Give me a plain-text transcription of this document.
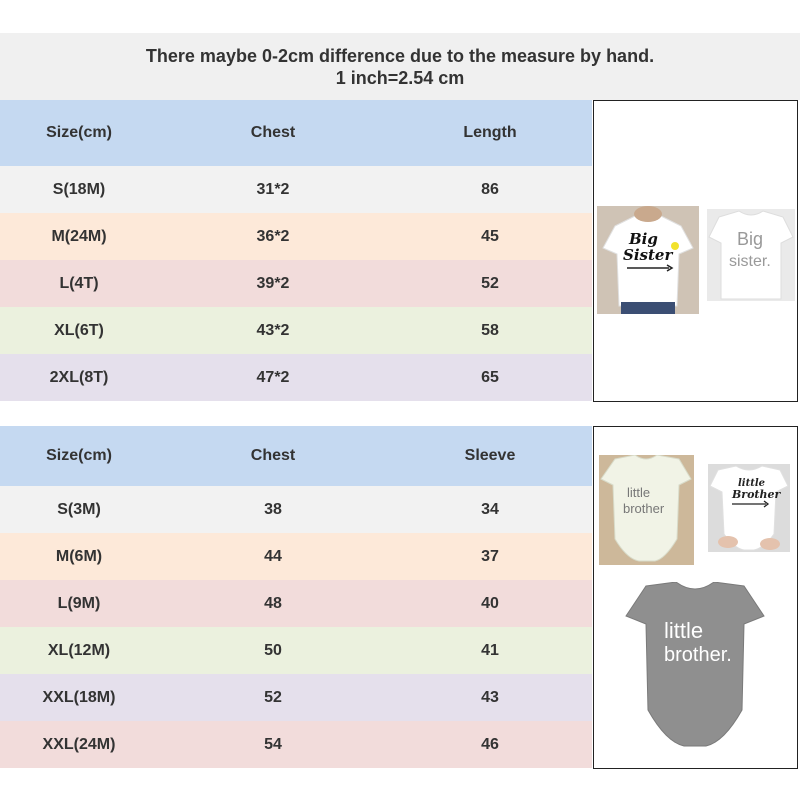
There maybe 0-2cm difference due to the measure by hand.
1 inch=2.54 cm
Size(cm)	Chest	Length
S(18M)	31*2	86
M(24M)	36*2	45
L(4T)	39*2	52
XL(6T)	43*2	58
2XL(8T)	47*2	65
Big
Sister
Big
sister.
Size(cm)	Chest	Sleeve
S(3M)	38	34
M(6M)	44	37
L(9M)	48	40
XL(12M)	50	41
XXL(18M)	52	43
XXL(24M)	54	46
little
brother
little
Brother
little
brother.
